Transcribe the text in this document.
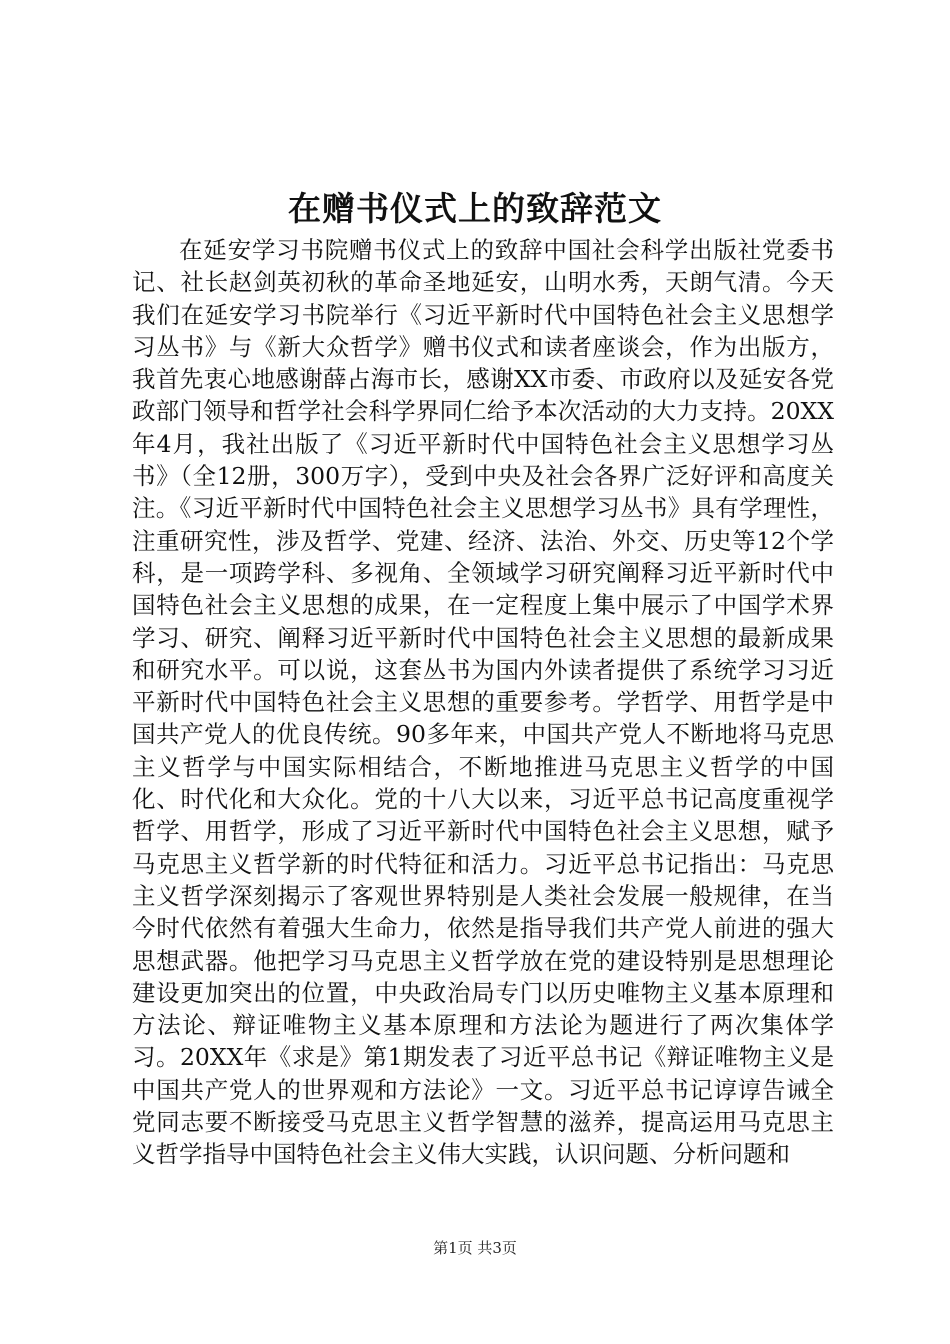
在赠书仪式上的致辞范文

在延安学习书院赠书仪式上的致辞中国社会科学出版社党委书记、社长赵剑英初秋的革命圣地延安，山明水秀，天朗气清。今天我们在延安学习书院举行《习近平新时代中国特色社会主义思想学习丛书》与《新大众哲学》赠书仪式和读者座谈会，作为出版方，我首先衷心地感谢薛占海市长，感谢XX市委、市政府以及延安各党政部门领导和哲学社会科学界同仁给予本次活动的大力支持。20XX年4月，我社出版了《习近平新时代中国特色社会主义思想学习丛书》（全12册，300万字），受到中央及社会各界广泛好评和高度关注。《习近平新时代中国特色社会主义思想学习丛书》具有学理性，注重研究性，涉及哲学、党建、经济、法治、外交、历史等12个学科，是一项跨学科、多视角、全领域学习研究阐释习近平新时代中国特色社会主义思想的成果，在一定程度上集中展示了中国学术界学习、研究、阐释习近平新时代中国特色社会主义思想的最新成果和研究水平。可以说，这套丛书为国内外读者提供了系统学习习近平新时代中国特色社会主义思想的重要参考。学哲学、用哲学是中国共产党人的优良传统。90多年来，中国共产党人不断地将马克思主义哲学与中国实际相结合，不断地推进马克思主义哲学的中国化、时代化和大众化。党的十八大以来，习近平总书记高度重视学哲学、用哲学，形成了习近平新时代中国特色社会主义思想，赋予马克思主义哲学新的时代特征和活力。习近平总书记指出：马克思主义哲学深刻揭示了客观世界特别是人类社会发展一般规律，在当今时代依然有着强大生命力，依然是指导我们共产党人前进的强大思想武器。他把学习马克思主义哲学放在党的建设特别是思想理论建设更加突出的位置，中央政治局专门以历史唯物主义基本原理和方法论、辩证唯物主义基本原理和方法论为题进行了两次集体学习。20XX年《求是》第1期发表了习近平总书记《辩证唯物主义是中国共产党人的世界观和方法论》一文。习近平总书记谆谆告诫全党同志要不断接受马克思主义哲学智慧的滋养，提高运用马克思主义哲学指导中国特色社会主义伟大实践，认识问题、分析问题和

第1页 共3页
